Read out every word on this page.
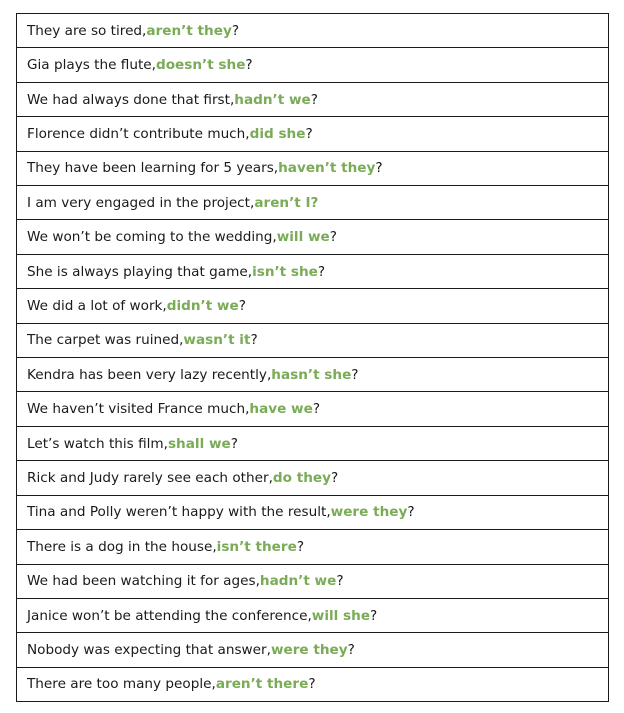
They are so tired, aren’t they ?
Gia plays the flute, doesn’t she ?
We had always done that first, hadn’t we ?
Florence didn’t contribute much, did she ?
They have been learning for 5 years, haven’t they ?
I am very engaged in the project, aren’t I?
We won’t be coming to the wedding, will we ?
She is always playing that game, isn’t she ?
We did a lot of work, didn’t we ?
The carpet was ruined, wasn’t it ?
Kendra has been very lazy recently, hasn’t she ?
We haven’t visited France much, have we ?
Let’s watch this film, shall we ?
Rick and Judy rarely see each other, do they ?
Tina and Polly weren’t happy with the result, were they ?
There is a dog in the house, isn’t there ?
We had been watching it for ages, hadn’t we ?
Janice won’t be attending the conference, will she ?
Nobody was expecting that answer, were they ?
There are too many people, aren’t there ?
